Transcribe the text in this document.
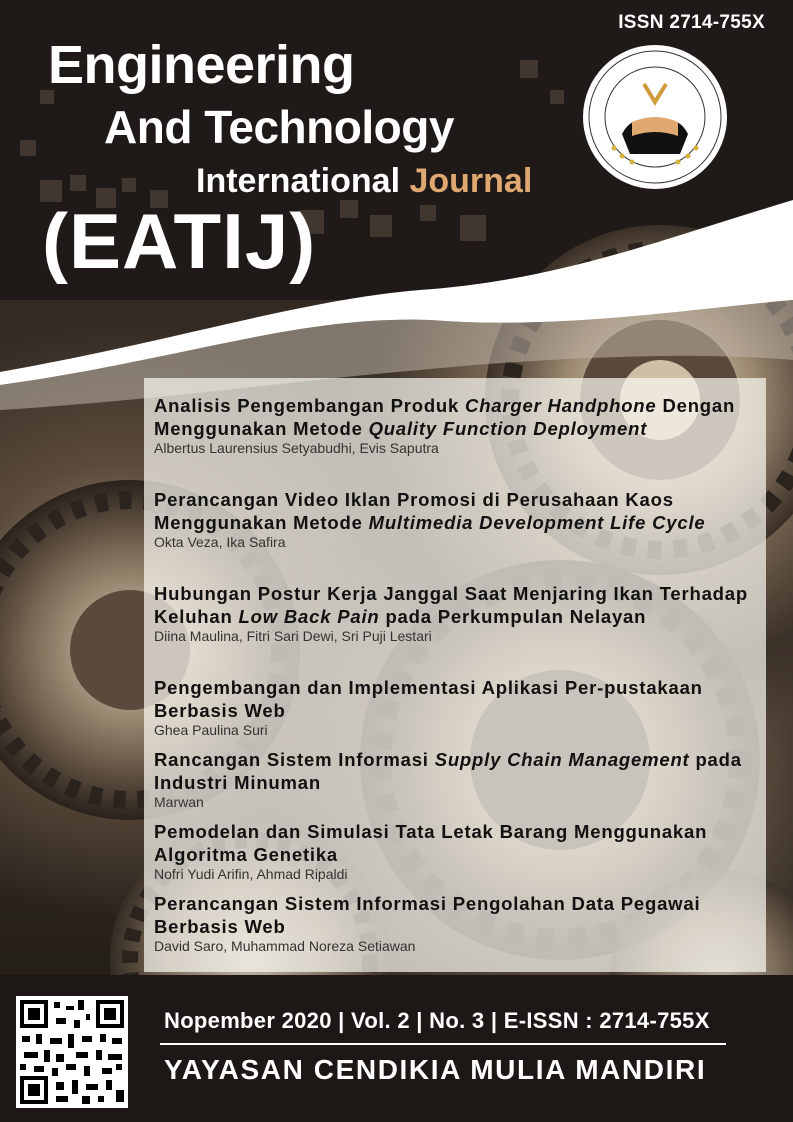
ISSN 2714-755X
Engineering
And Technology
International Journal
(EATIJ)
Analisis Pengembangan Produk Charger Handphone Dengan Menggunakan Metode Quality Function Deployment
Albertus Laurensius Setyabudhi, Evis Saputra
Perancangan Video Iklan Promosi di Perusahaan Kaos Menggunakan Metode Multimedia Development Life Cycle
Okta Veza, Ika Safira
Hubungan Postur Kerja Janggal Saat Menjaring Ikan Terhadap Keluhan Low Back Pain pada Perkumpulan Nelayan
Diina Maulina, Fitri Sari Dewi, Sri Puji Lestari
Pengembangan dan Implementasi Aplikasi Per-pustakaan Berbasis Web
Ghea Paulina Suri
Rancangan Sistem Informasi Supply Chain Management pada Industri Minuman
Marwan
Pemodelan dan Simulasi Tata Letak Barang Menggunakan Algoritma Genetika
Nofri Yudi Arifin, Ahmad Ripaldi
Perancangan Sistem Informasi Pengolahan Data Pegawai Berbasis Web
David Saro, Muhammad Noreza Setiawan
Nopember 2020 | Vol. 2 | No. 3 | E-ISSN : 2714-755X
YAYASAN CENDIKIA MULIA MANDIRI
